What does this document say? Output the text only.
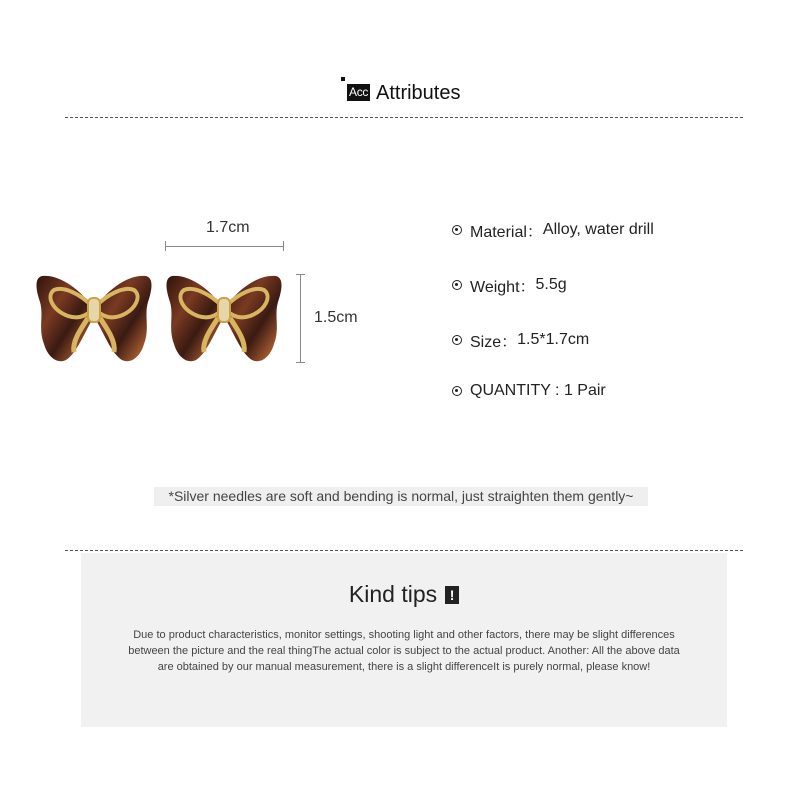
Acc Attributes
1.7cm
1.5cm
Material： Alloy, water drill
Weight： 5.5g
Size： 1.5*1.7cm
QUANTITY : 1 Pair
*Silver needles are soft and bending is normal, just straighten them gently~
Kind tips !
Due to product characteristics, monitor settings, shooting light and other factors, there may be slight differences between the picture and the real thingThe actual color is subject to the actual product. Another: All the above data are obtained by our manual measurement, there is a slight differenceIt is purely normal, please know!
